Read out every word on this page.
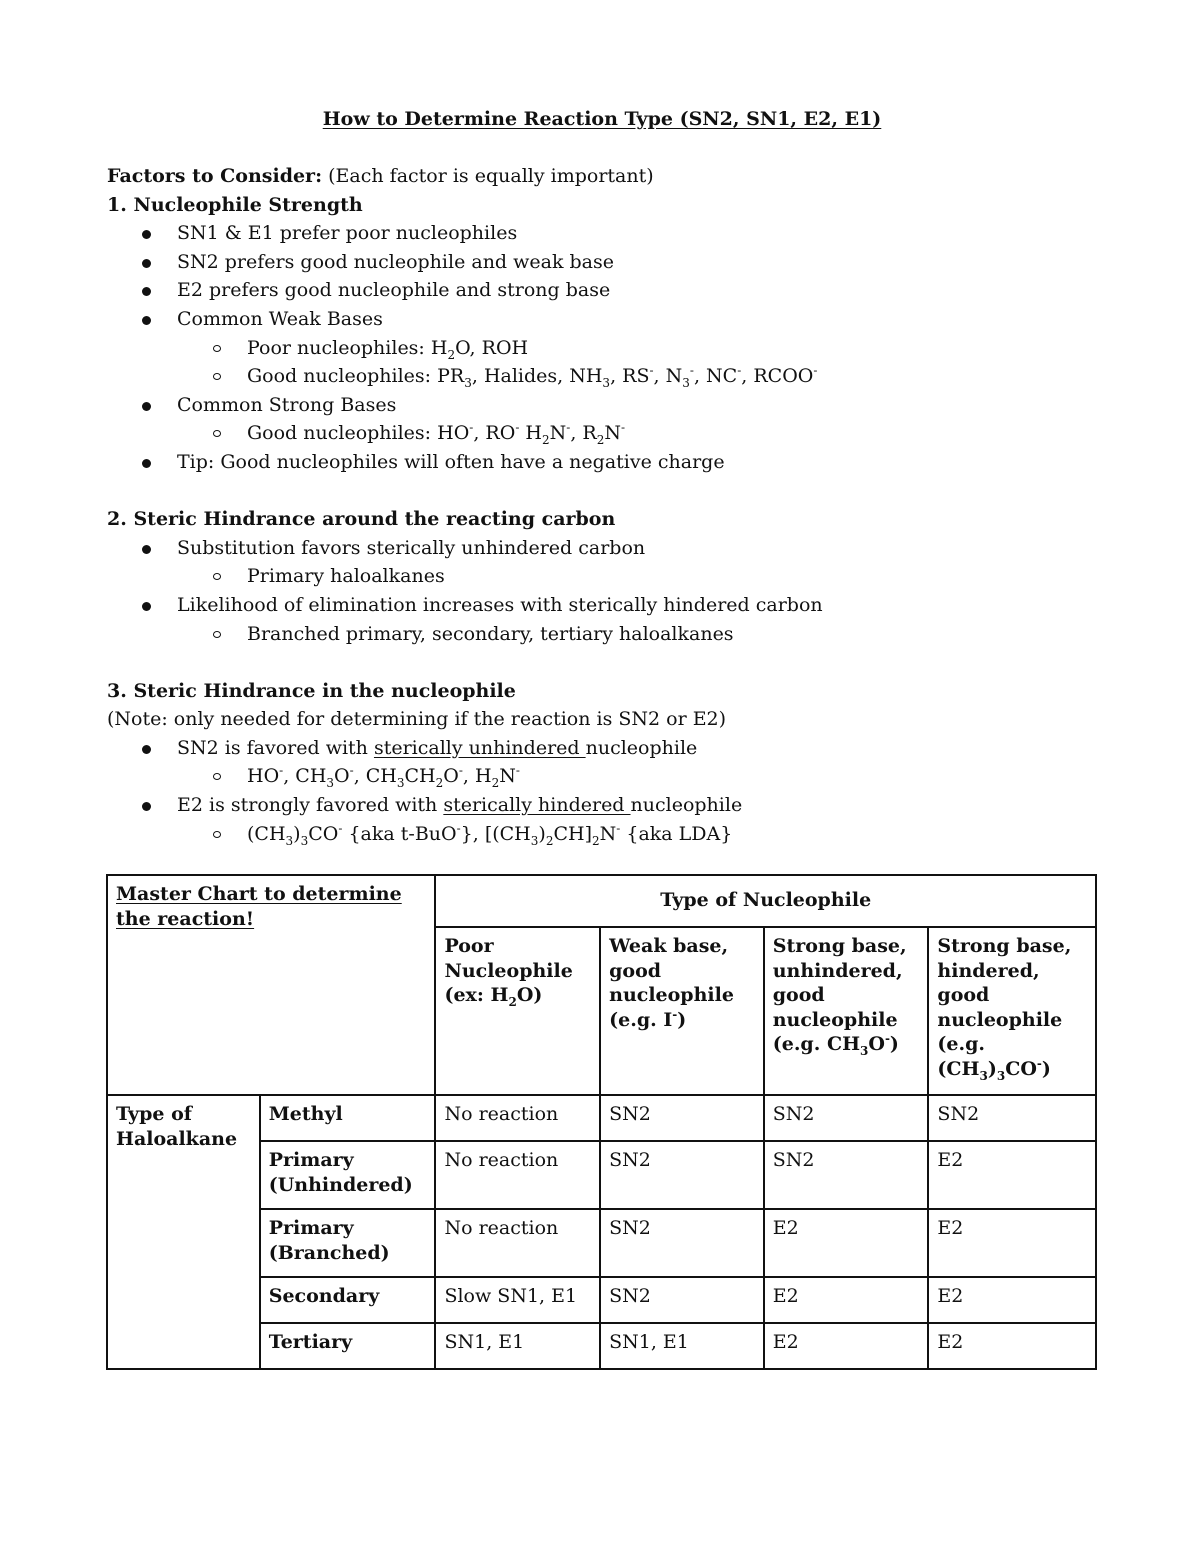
How to Determine Reaction Type (SN2, SN1, E2, E1)
Factors to Consider: (Each factor is equally important)
1. Nucleophile Strength
SN1 & E1 prefer poor nucleophiles
SN2 prefers good nucleophile and weak base
E2 prefers good nucleophile and strong base
Common Weak Bases
Poor nucleophiles: $H_2O$, ROH
Good nucleophiles: $PR_3$, Halides, $NH_3$, RS-, $N_3^-$, NC-, RCOO-
Common Strong Bases
Good nucleophiles: HO-, RO- $H_2N^-$, $R_2N^-$
Tip: Good nucleophiles will often have a negative charge
2. Steric Hindrance around the reacting carbon
Substitution favors sterically unhindered carbon
Primary haloalkanes
Likelihood of elimination increases with sterically hindered carbon
Branched primary, secondary, tertiary haloalkanes
3. Steric Hindrance in the nucleophile
(Note: only needed for determining if the reaction is SN2 or E2)
SN2 is favored with sterically unhindered nucleophile
HO-, $CH_3O^-$, $CH_3CH_2O^-$, $H_2N^-$
E2 is strongly favored with sterically hindered nucleophile
$(CH_3)_3CO^-$ {aka t-BuO-}, $[(CH_3)_2CH]_2N^-$ {aka LDA}
Master Chart to determine the reaction!		Type of Nucleophile			
		Poor Nucleophile (ex: $H_2O$)	Weak base, good nucleophile (e.g. I-)	Strong base, unhindered, good nucleophile (e.g. $CH_3O^-$)	Strong base, hindered, good nucleophile (e.g. $(CH_3)_3CO^-$)
Type of Haloalkane	Methyl	No reaction	SN2	SN2	SN2
	Primary (Unhindered)	No reaction	SN2	SN2	E2
	Primary (Branched)	No reaction	SN2	E2	E2
	Secondary	Slow SN1, E1	SN2	E2	E2
	Tertiary	SN1, E1	SN1, E1	E2	E2
